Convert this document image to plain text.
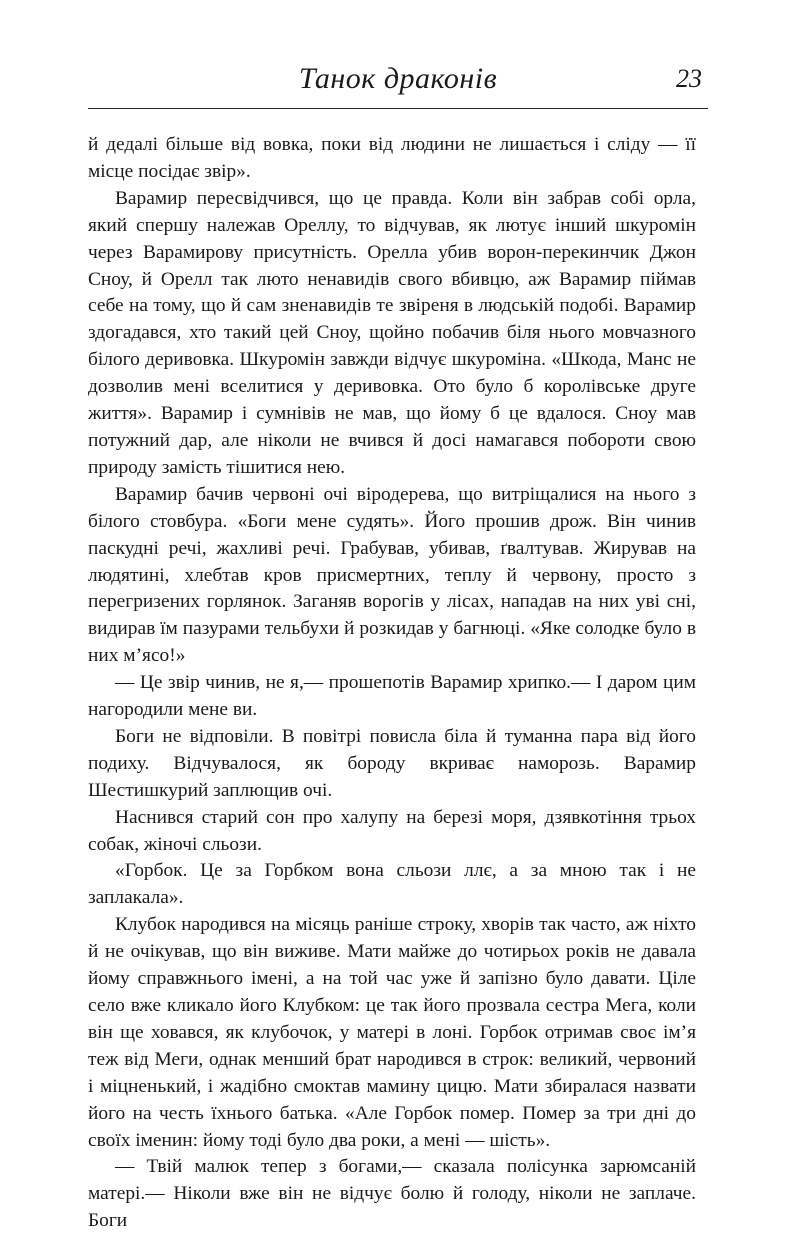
Танок драконів	23

й дедалі більше від вовка, поки від людини не лишається і сліду — її місце посідає звір».

Варамир пересвідчився, що це правда. Коли він забрав собі орла, який спершу належав Ореллу, то відчував, як лютує інший шкуромін через Варамирову присутність. Орелла убив ворон-перекинчик Джон Сноу, й Орелл так люто ненавидів свого вбивцю, аж Варамир піймав себе на тому, що й сам зненавидів те звіреня в людській подобі. Варамир здогадався, хто такий цей Сноу, щойно побачив біля нього мовчазного білого деривовка. Шкуромін завжди відчує шкуроміна. «Шкода, Манс не дозволив мені вселитися у деривовка. Ото було б королівське друге життя». Варамир і сумнівів не мав, що йому б це вдалося. Сноу мав потужний дар, але ніколи не вчився й досі намагався побороти свою природу замість тішитися нею.

Варамир бачив червоні очі віродерева, що витріщалися на нього з білого стовбура. «Боги мене судять». Його прошив дрож. Він чинив паскудні речі, жахливі речі. Грабував, убивав, ґвалтував. Жирував на людятині, хлебтав кров присмертних, теплу й червону, просто з перегризених горлянок. Заганяв ворогів у лісах, нападав на них уві сні, видирав їм пазурами тельбухи й розкидав у багнюці. «Яке солодке було в них м’ясо!»

— Це звір чинив, не я,— прошепотів Варамир хрипко.— І даром цим нагородили мене ви.

Боги не відповіли. В повітрі повисла біла й туманна пара від його подиху. Відчувалося, як бороду вкриває наморозь. Варамир Шестишкурий заплющив очі.

Наснився старий сон про халупу на березі моря, дзявкотіння трьох собак, жіночі сльози.

«Горбок. Це за Горбком вона сльози ллє, а за мною так і не заплакала».

Клубок народився на місяць раніше строку, хворів так часто, аж ніхто й не очікував, що він виживе. Мати майже до чотирьох років не давала йому справжнього імені, а на той час уже й запізно було давати. Ціле село вже кликало його Клубком: це так його прозвала сестра Мега, коли він ще ховався, як клубочок, у матері в лоні. Горбок отримав своє ім’я теж від Меги, однак менший брат народився в строк: великий, червоний і міцненький, і жадібно смоктав мамину цицю. Мати збиралася назвати його на честь їхнього батька. «Але Горбок помер. Помер за три дні до своїх іменин: йому тоді було два роки, а мені — шість».

— Твій малюк тепер з богами,— сказала полісунка зарюмсаній матері.— Ніколи вже він не відчує болю й голоду, ніколи не заплаче. Боги
